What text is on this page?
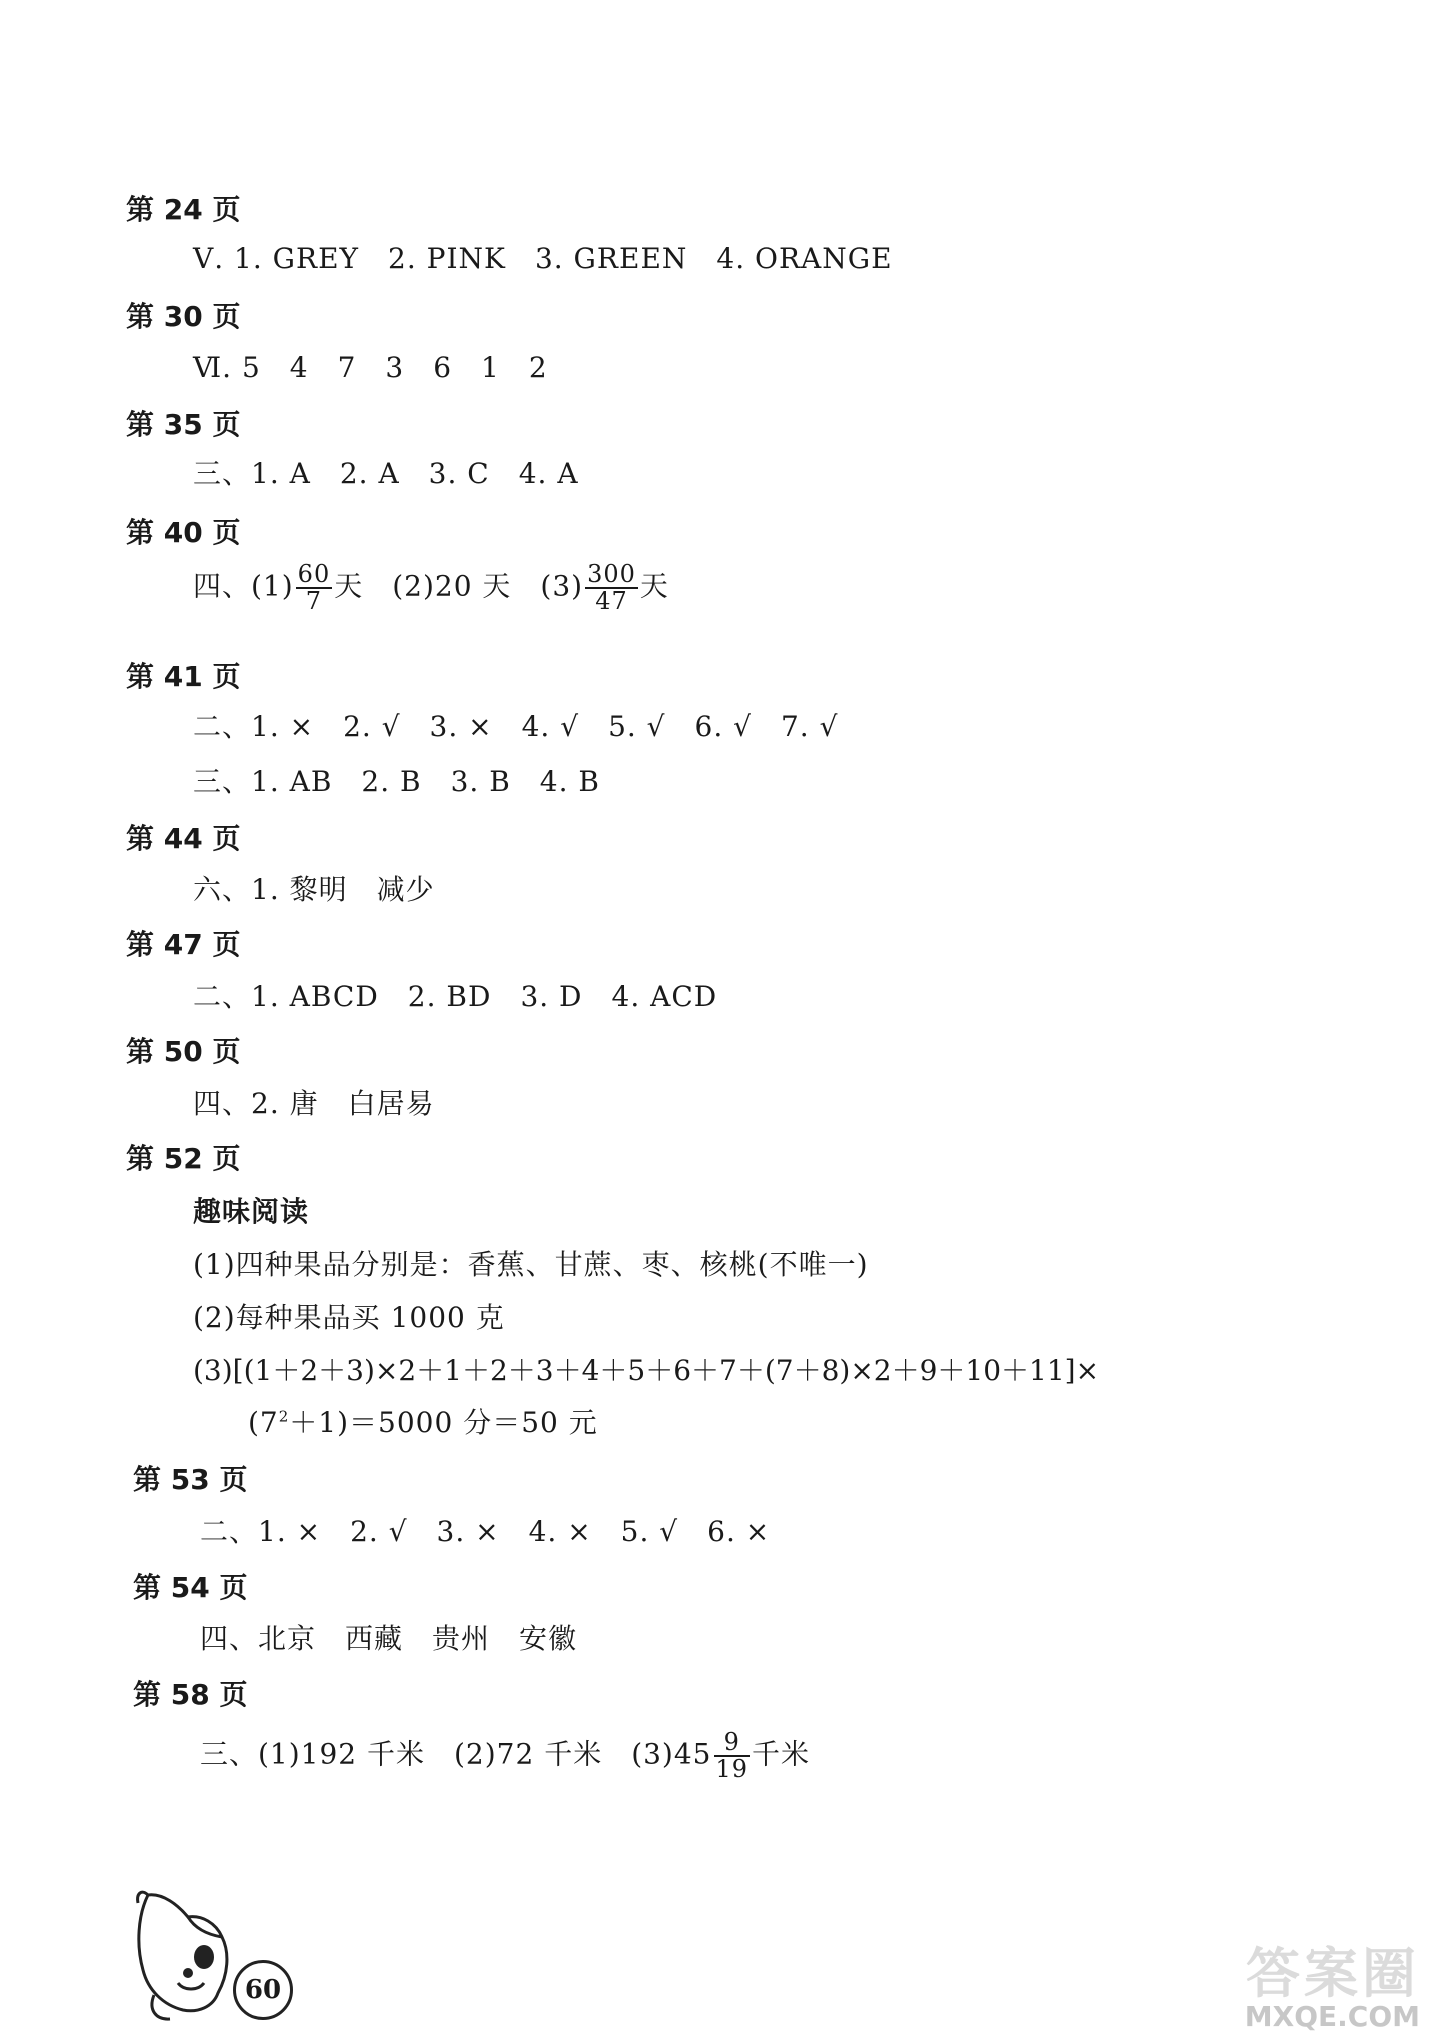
第 24 页
Ⅴ. 1. GREY　2. PINK　3. GREEN　4. ORANGE
第 30 页
Ⅵ. 5　4　7　3　6　1　2
第 35 页
三、1. A　2. A　3. C　4. A
第 40 页
四、$(1) \frac{60}{7}$ 天　(2)20 天　$(3) \frac{300}{47}$ 天
第 41 页
二、1. ×　2. √　3. ×　4. √　5. √　6. √　7. √
三、1. AB　2. B　3. B　4. B
第 44 页
六、1. 黎明　减少
第 47 页
二、1. ABCD　2. BD　3. D　4. ACD
第 50 页
四、2. 唐　白居易
第 52 页
趣味阅读
(1)四种果品分别是：香蕉、甘蔗、枣、核桃(不唯一)
(2)每种果品买 1000 克
(3)[(1＋2＋3)×2＋1＋2＋3＋4＋5＋6＋7＋(7＋8)×2＋9＋10＋11]×
$(7^2+1)=5000$ 分＝50 元
第 53 页
二、1. ×　2. √　3. ×　4. ×　5. √　6. ×
第 54 页
四、北京　西藏　贵州　安徽
第 58 页
三、(1)192 千米　(2)72 千米　$(3)45 \frac{9}{19}$ 千米
60	答案圈
MXQE.COM
